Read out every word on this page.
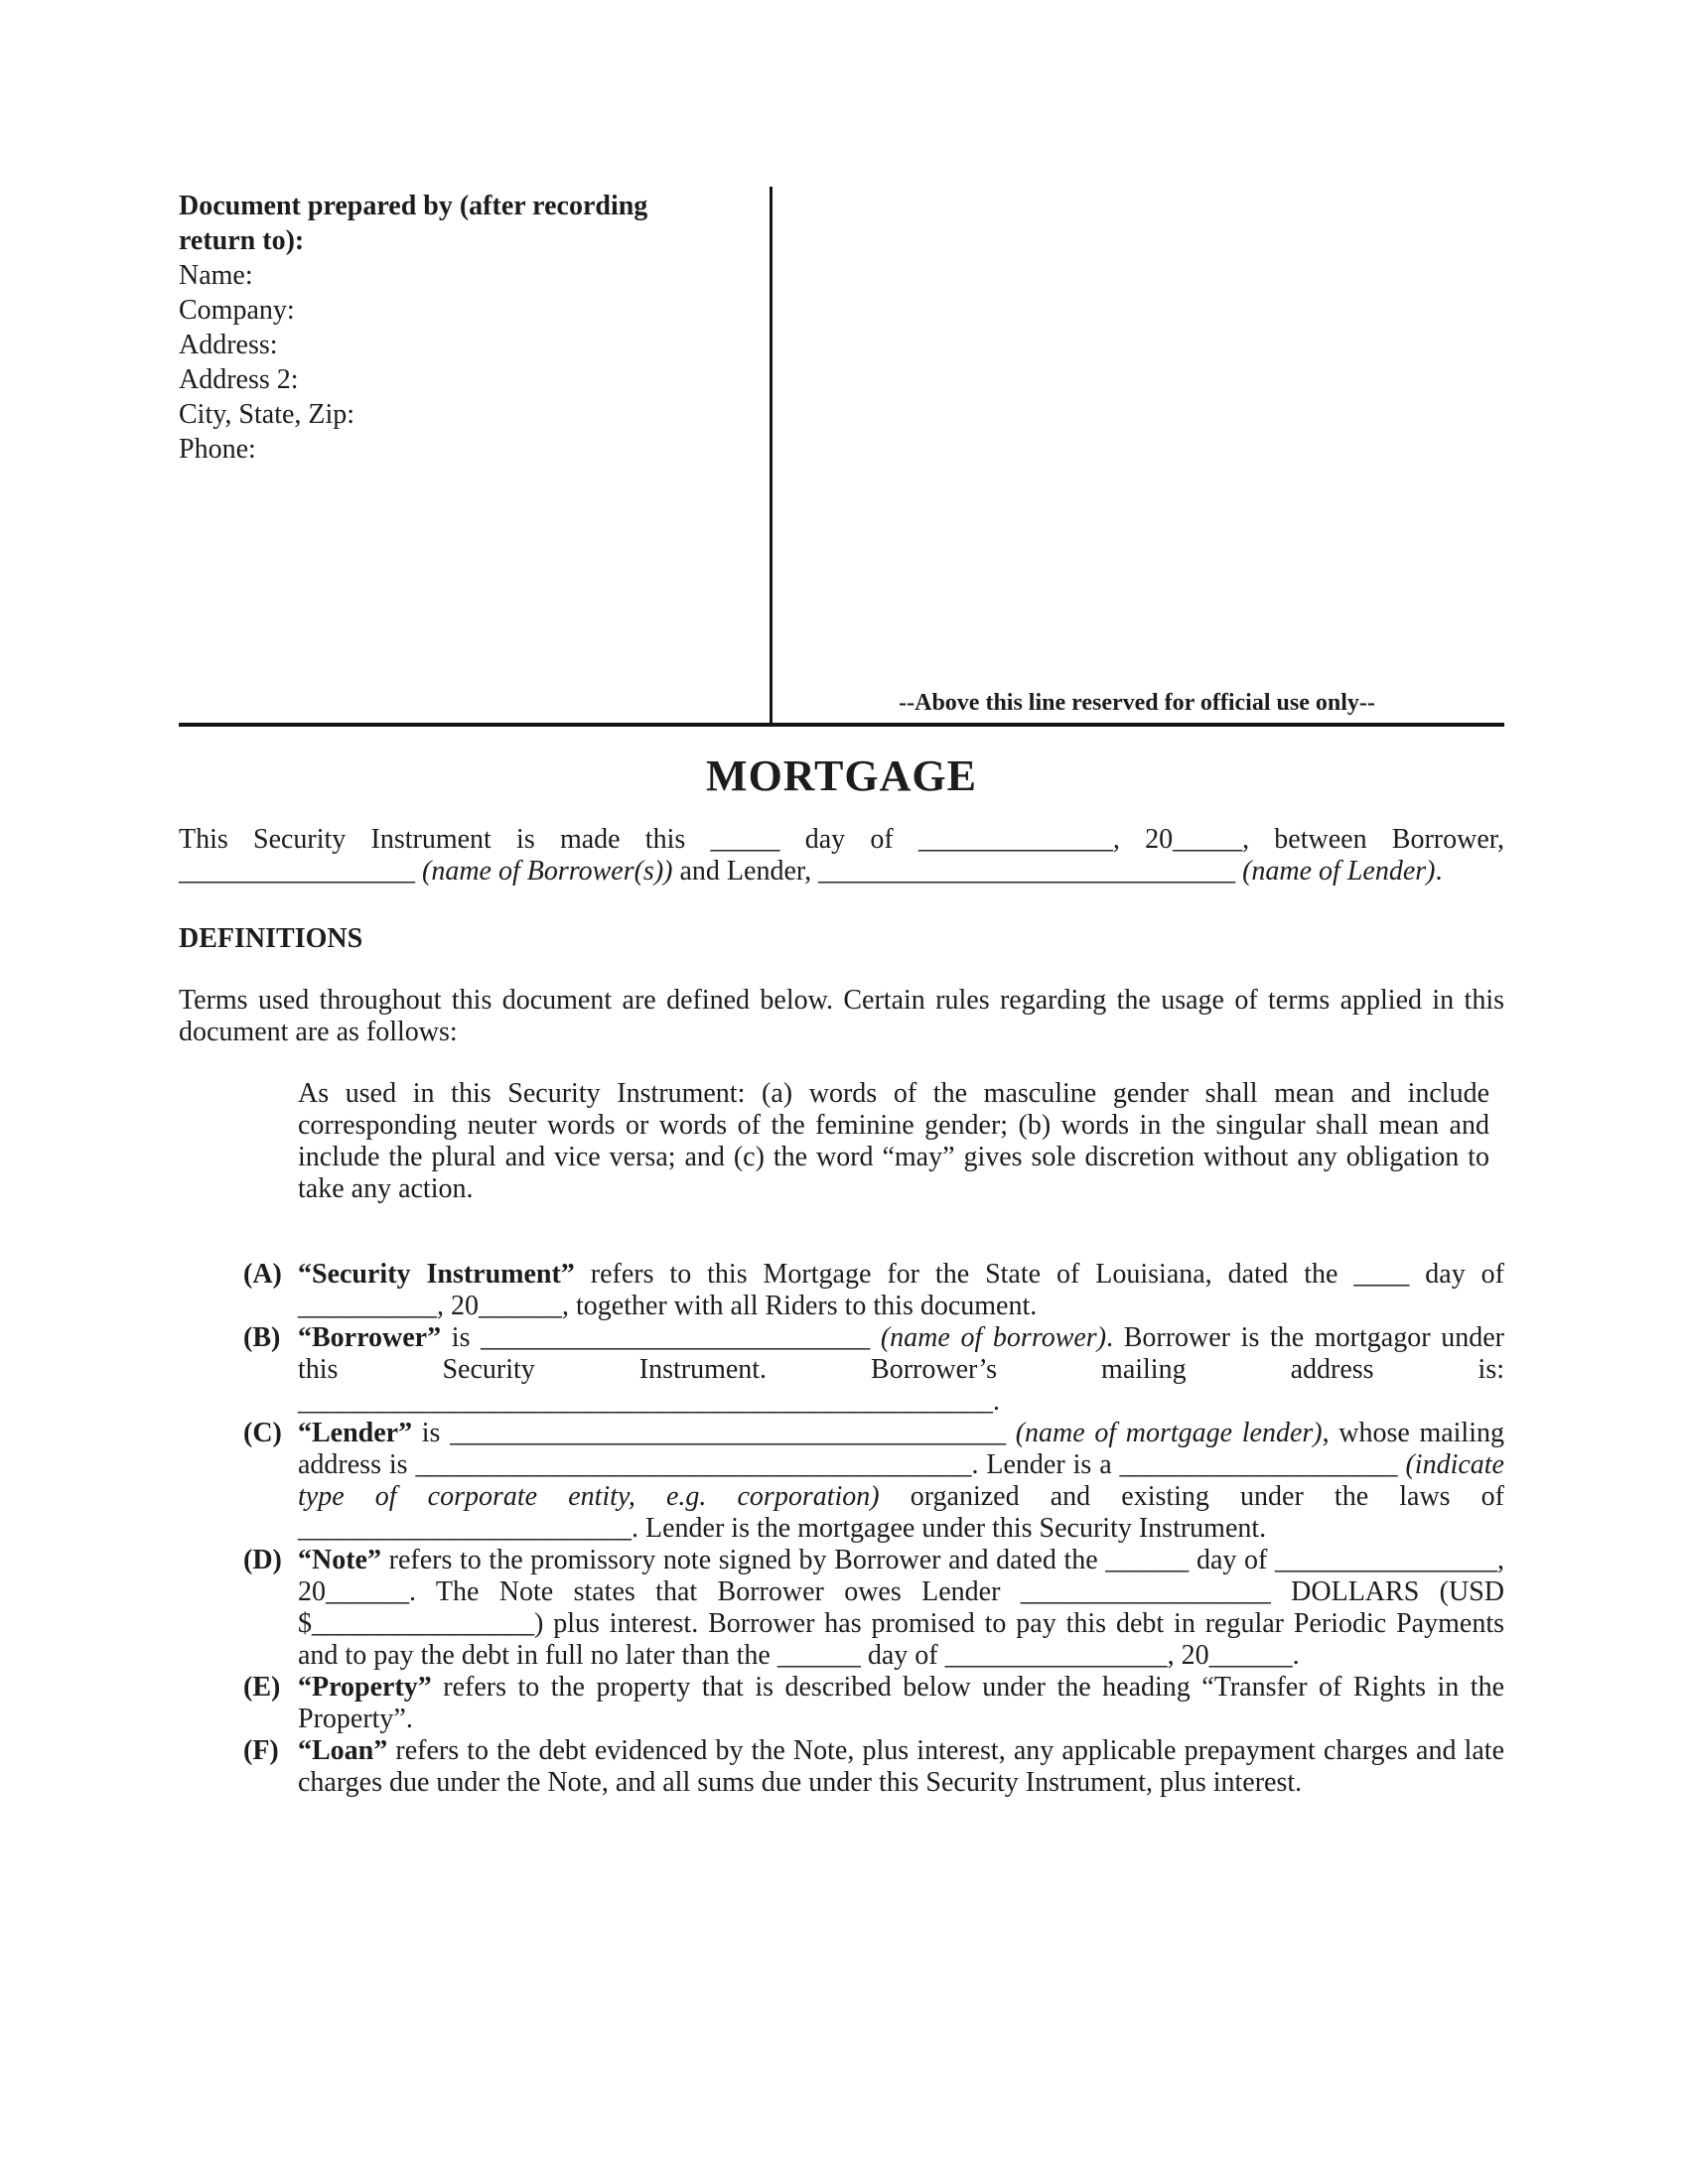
Document prepared by (after recording
return to):
Name:
Company:
Address:
Address 2:
City, State, Zip:
Phone:
--Above this line reserved for official use only--
MORTGAGE

This Security Instrument is made this _____ day of ______________, 20_____, between Borrower, _________________ (name of Borrower(s)) and Lender, ______________________________ (name of Lender).

DEFINITIONS

Terms used throughout this document are defined below. Certain rules regarding the usage of terms applied in this document are as follows:

As used in this Security Instrument: (a) words of the masculine gender shall mean and include corresponding neuter words or words of the feminine gender; (b) words in the singular shall mean and include the plural and vice versa; and (c) the word “may” gives sole discretion without any obligation to take any action.

(A) “Security Instrument” refers to this Mortgage for the State of Louisiana, dated the ____ day of __________, 20______, together with all Riders to this document.
(B) “Borrower” is ____________________________ (name of borrower). Borrower is the mortgagor under this Security Instrument. Borrower’s mailing address is: __________________________________________________.
(C) “Lender” is ________________________________________ (name of mortgage lender), whose mailing address is ________________________________________. Lender is a ____________________ (indicate type of corporate entity, e.g. corporation) organized and existing under the laws of ________________________. Lender is the mortgagee under this Security Instrument.
(D) “Note” refers to the promissory note signed by Borrower and dated the ______ day of ________________, 20______. The Note states that Borrower owes Lender __________________ DOLLARS (USD $________________) plus interest. Borrower has promised to pay this debt in regular Periodic Payments and to pay the debt in full no later than the ______ day of ________________, 20______.
(E) “Property” refers to the property that is described below under the heading “Transfer of Rights in the Property”.
(F) “Loan” refers to the debt evidenced by the Note, plus interest, any applicable prepayment charges and late charges due under the Note, and all sums due under this Security Instrument, plus interest.
